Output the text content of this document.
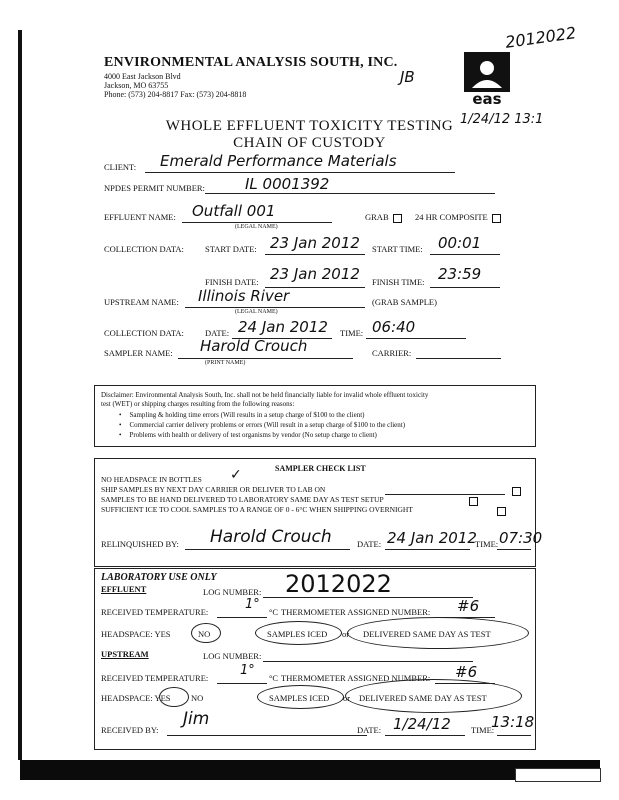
ENVIRONMENTAL ANALYSIS SOUTH, INC.
4000 East Jackson Blvd
Jackson, MO 63755
Phone: (573) 204-8817 Fax: (573) 204-8818	eas
2012022
JB
WHOLE EFFLUENT TOXICITY TESTING
CHAIN OF CUSTODY
1/24/12 13:1
CLIENT: Emerald Performance Materials
NPDES PERMIT NUMBER:	IL 0001392
EFFLUENT NAME: Outfall 001
(LEGAL NAME)
GRAB	24 HR COMPOSITE
COLLECTION DATA: START DATE: 23 Jan 2012 START TIME: 00:01
FINISH DATE: 23 Jan 2012 FINISH TIME: 23:59
UPSTREAM NAME: Illinois River
(LEGAL NAME)
(GRAB SAMPLE)
COLLECTION DATA: DATE: 24 Jan 2012 TIME: 06:40
SAMPLER NAME: Harold Crouch
(PRINT NAME)
CARRIER:
Disclaimer: Environmental Analysis South, Inc. shall not be held financially liable for invalid whole effluent toxicity
test (WET) or shipping charges resulting from the following reasons:
• Sampling & holding time errors (Will results in a setup charge of $100 to the client)
• Commercial carrier delivery problems or errors (Will result in a setup charge of $100 to the client)
• Problems with health or delivery of test organisms by vendor (No setup charge to client)
SAMPLER CHECK LIST
NO HEADSPACE IN BOTTLES ✓
SHIP SAMPLES BY NEXT DAY CARRIER OR DELIVER TO LAB ON
SAMPLES TO BE HAND DELIVERED TO LABORATORY SAME DAY AS TEST SETUP
SUFFICIENT ICE TO COOL SAMPLES TO A RANGE OF 0 - 6°C WHEN SHIPPING OVERNIGHT
RELINQUISHED BY: Harold Crouch	DATE: 24 Jan 2012
TIME: 07:30
LABORATORY USE ONLY
EFFLUENT	LOG NUMBER: 2012022
RECEIVED TEMPERATURE:	1° °C THERMOMETER ASSIGNED NUMBER: #6
HEADSPACE: YES	NO	SAMPLES ICED or DELIVERED SAME DAY AS TEST
UPSTREAM	LOG NUMBER:
RECEIVED TEMPERATURE: 1° °C THERMOMETER ASSIGNED NUMBER: #6
HEADSPACE: YES NO	SAMPLES ICED or DELIVERED SAME DAY AS TEST
RECEIVED BY:
Jim
DATE: 1/24/12 TIME:
13:18
